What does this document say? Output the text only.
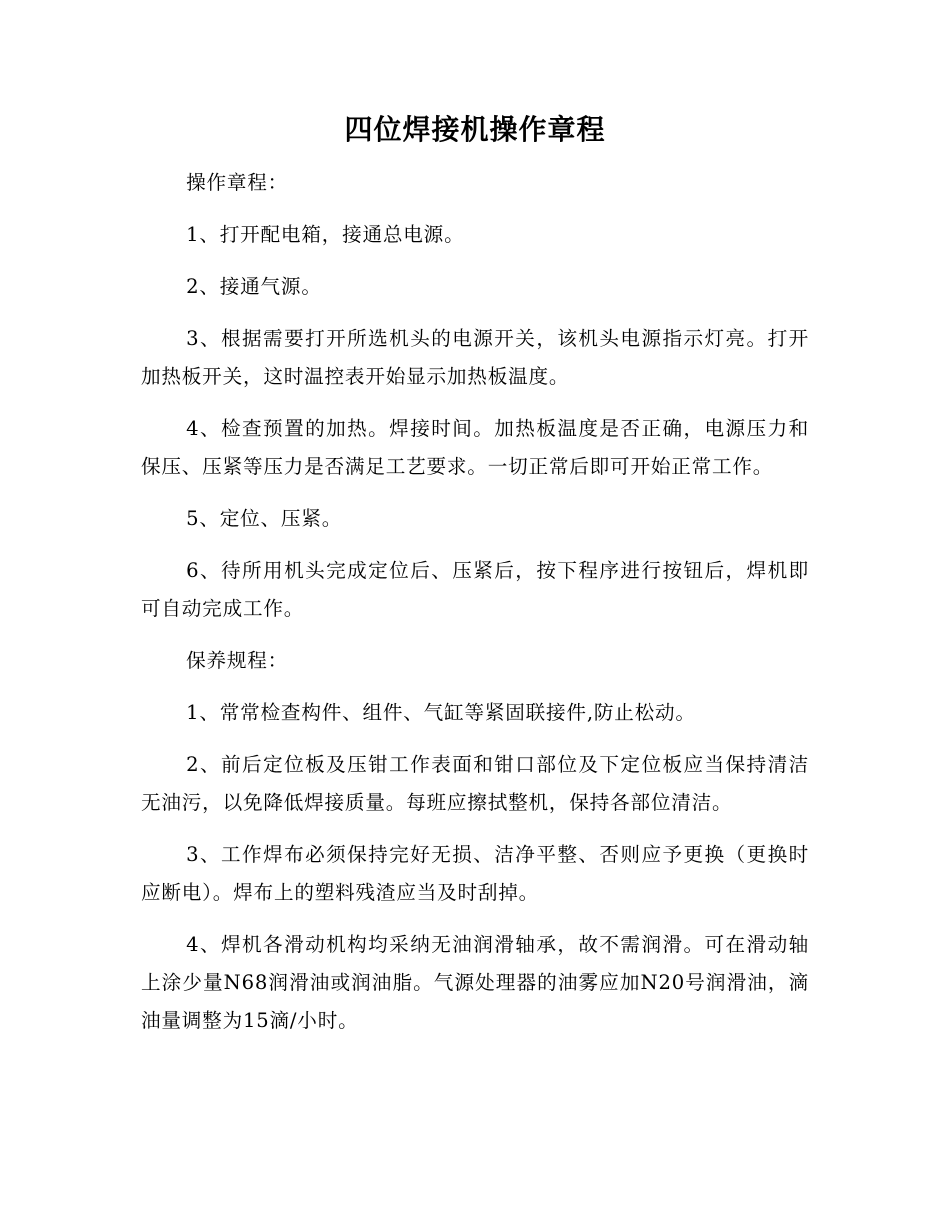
四位焊接机操作章程

操作章程：

1、打开配电箱，接通总电源。

2、接通气源。

3、根据需要打开所选机头的电源开关，该机头电源指示灯亮。打开加热板开关，这时温控表开始显示加热板温度。

4、检查预置的加热。焊接时间。加热板温度是否正确，电源压力和保压、压紧等压力是否满足工艺要求。一切正常后即可开始正常工作。

5、定位、压紧。

6、待所用机头完成定位后、压紧后，按下程序进行按钮后，焊机即可自动完成工作。

保养规程：

1、常常检查构件、组件、气缸等紧固联接件,防止松动。

2、前后定位板及压钳工作表面和钳口部位及下定位板应当保持清洁无油污，以免降低焊接质量。每班应擦拭整机，保持各部位清洁。

3、工作焊布必须保持完好无损、洁净平整、否则应予更换（更换时应断电）。焊布上的塑料残渣应当及时刮掉。

4、焊机各滑动机构均采纳无油润滑轴承，故不需润滑。可在滑动轴上涂少量N68润滑油或润油脂。气源处理器的油雾应加N20号润滑油，滴油量调整为15滴/小时。
